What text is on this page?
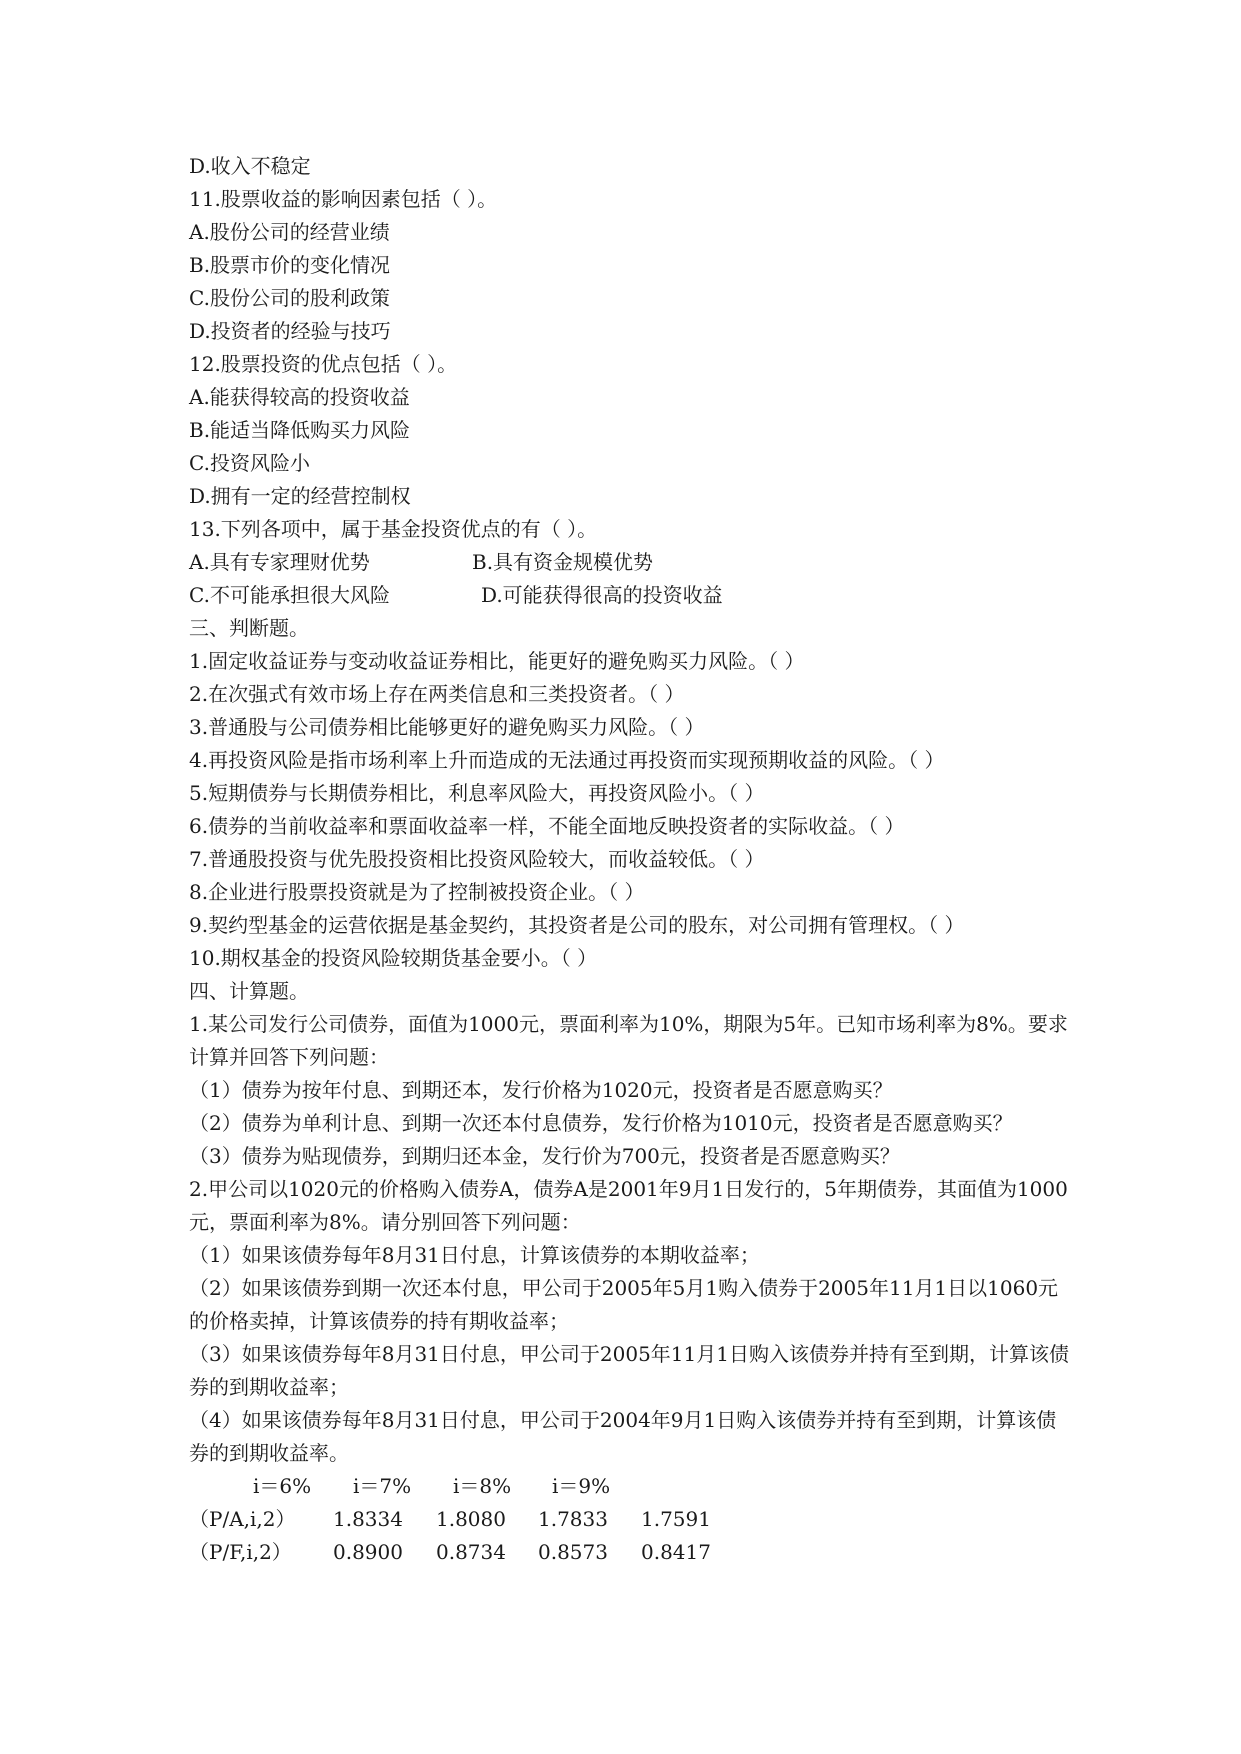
D.收入不稳定
11.股票收益的影响因素包括（ ）。
A.股份公司的经营业绩
B.股票市价的变化情况
C.股份公司的股利政策
D.投资者的经验与技巧
12.股票投资的优点包括（ ）。
A.能获得较高的投资收益
B.能适当降低购买力风险
C.投资风险小
D.拥有一定的经营控制权
13.下列各项中，属于基金投资优点的有（ ）。
A.具有专家理财优势	B.具有资金规模优势
C.不可能承担很大风险	D.可能获得很高的投资收益
三、判断题。
1.固定收益证券与变动收益证券相比，能更好的避免购买力风险。（ ）
2.在次强式有效市场上存在两类信息和三类投资者。（ ）
3.普通股与公司债券相比能够更好的避免购买力风险。（ ）
4.再投资风险是指市场利率上升而造成的无法通过再投资而实现预期收益的风险。（ ）
5.短期债券与长期债券相比，利息率风险大，再投资风险小。（ ）
6.债券的当前收益率和票面收益率一样，不能全面地反映投资者的实际收益。（ ）
7.普通股投资与优先股投资相比投资风险较大，而收益较低。（ ）
8.企业进行股票投资就是为了控制被投资企业。（ ）
9.契约型基金的运营依据是基金契约，其投资者是公司的股东，对公司拥有管理权。（ ）
10.期权基金的投资风险较期货基金要小。（ ）
四、计算题。
1.某公司发行公司债券，面值为1000元，票面利率为10%，期限为5年。已知市场利率为8%。要求计算并回答下列问题：
（1）债券为按年付息、到期还本，发行价格为1020元，投资者是否愿意购买？
（2）债券为单利计息、到期一次还本付息债券，发行价格为1010元，投资者是否愿意购买？
（3）债券为贴现债券，到期归还本金，发行价为700元，投资者是否愿意购买？
2.甲公司以1020元的价格购入债券A，债券A是2001年9月1日发行的，5年期债券，其面值为1000元，票面利率为8%。请分别回答下列问题：
（1）如果该债券每年8月31日付息，计算该债券的本期收益率；
（2）如果该债券到期一次还本付息，甲公司于2005年5月1购入债券于2005年11月1日以1060元的价格卖掉，计算该债券的持有期收益率；
（3）如果该债券每年8月31日付息，甲公司于2005年11月1日购入该债券并持有至到期，计算该债券的到期收益率；
（4）如果该债券每年8月31日付息，甲公司于2004年9月1日购入该债券并持有至到期，计算该债券的到期收益率。
i＝6% i＝7% i＝8% i＝9%
（P/A,i,2） 1.8334 1.8080 1.7833 1.7591
（P/F,i,2） 0.8900 0.8734 0.8573 0.8417
